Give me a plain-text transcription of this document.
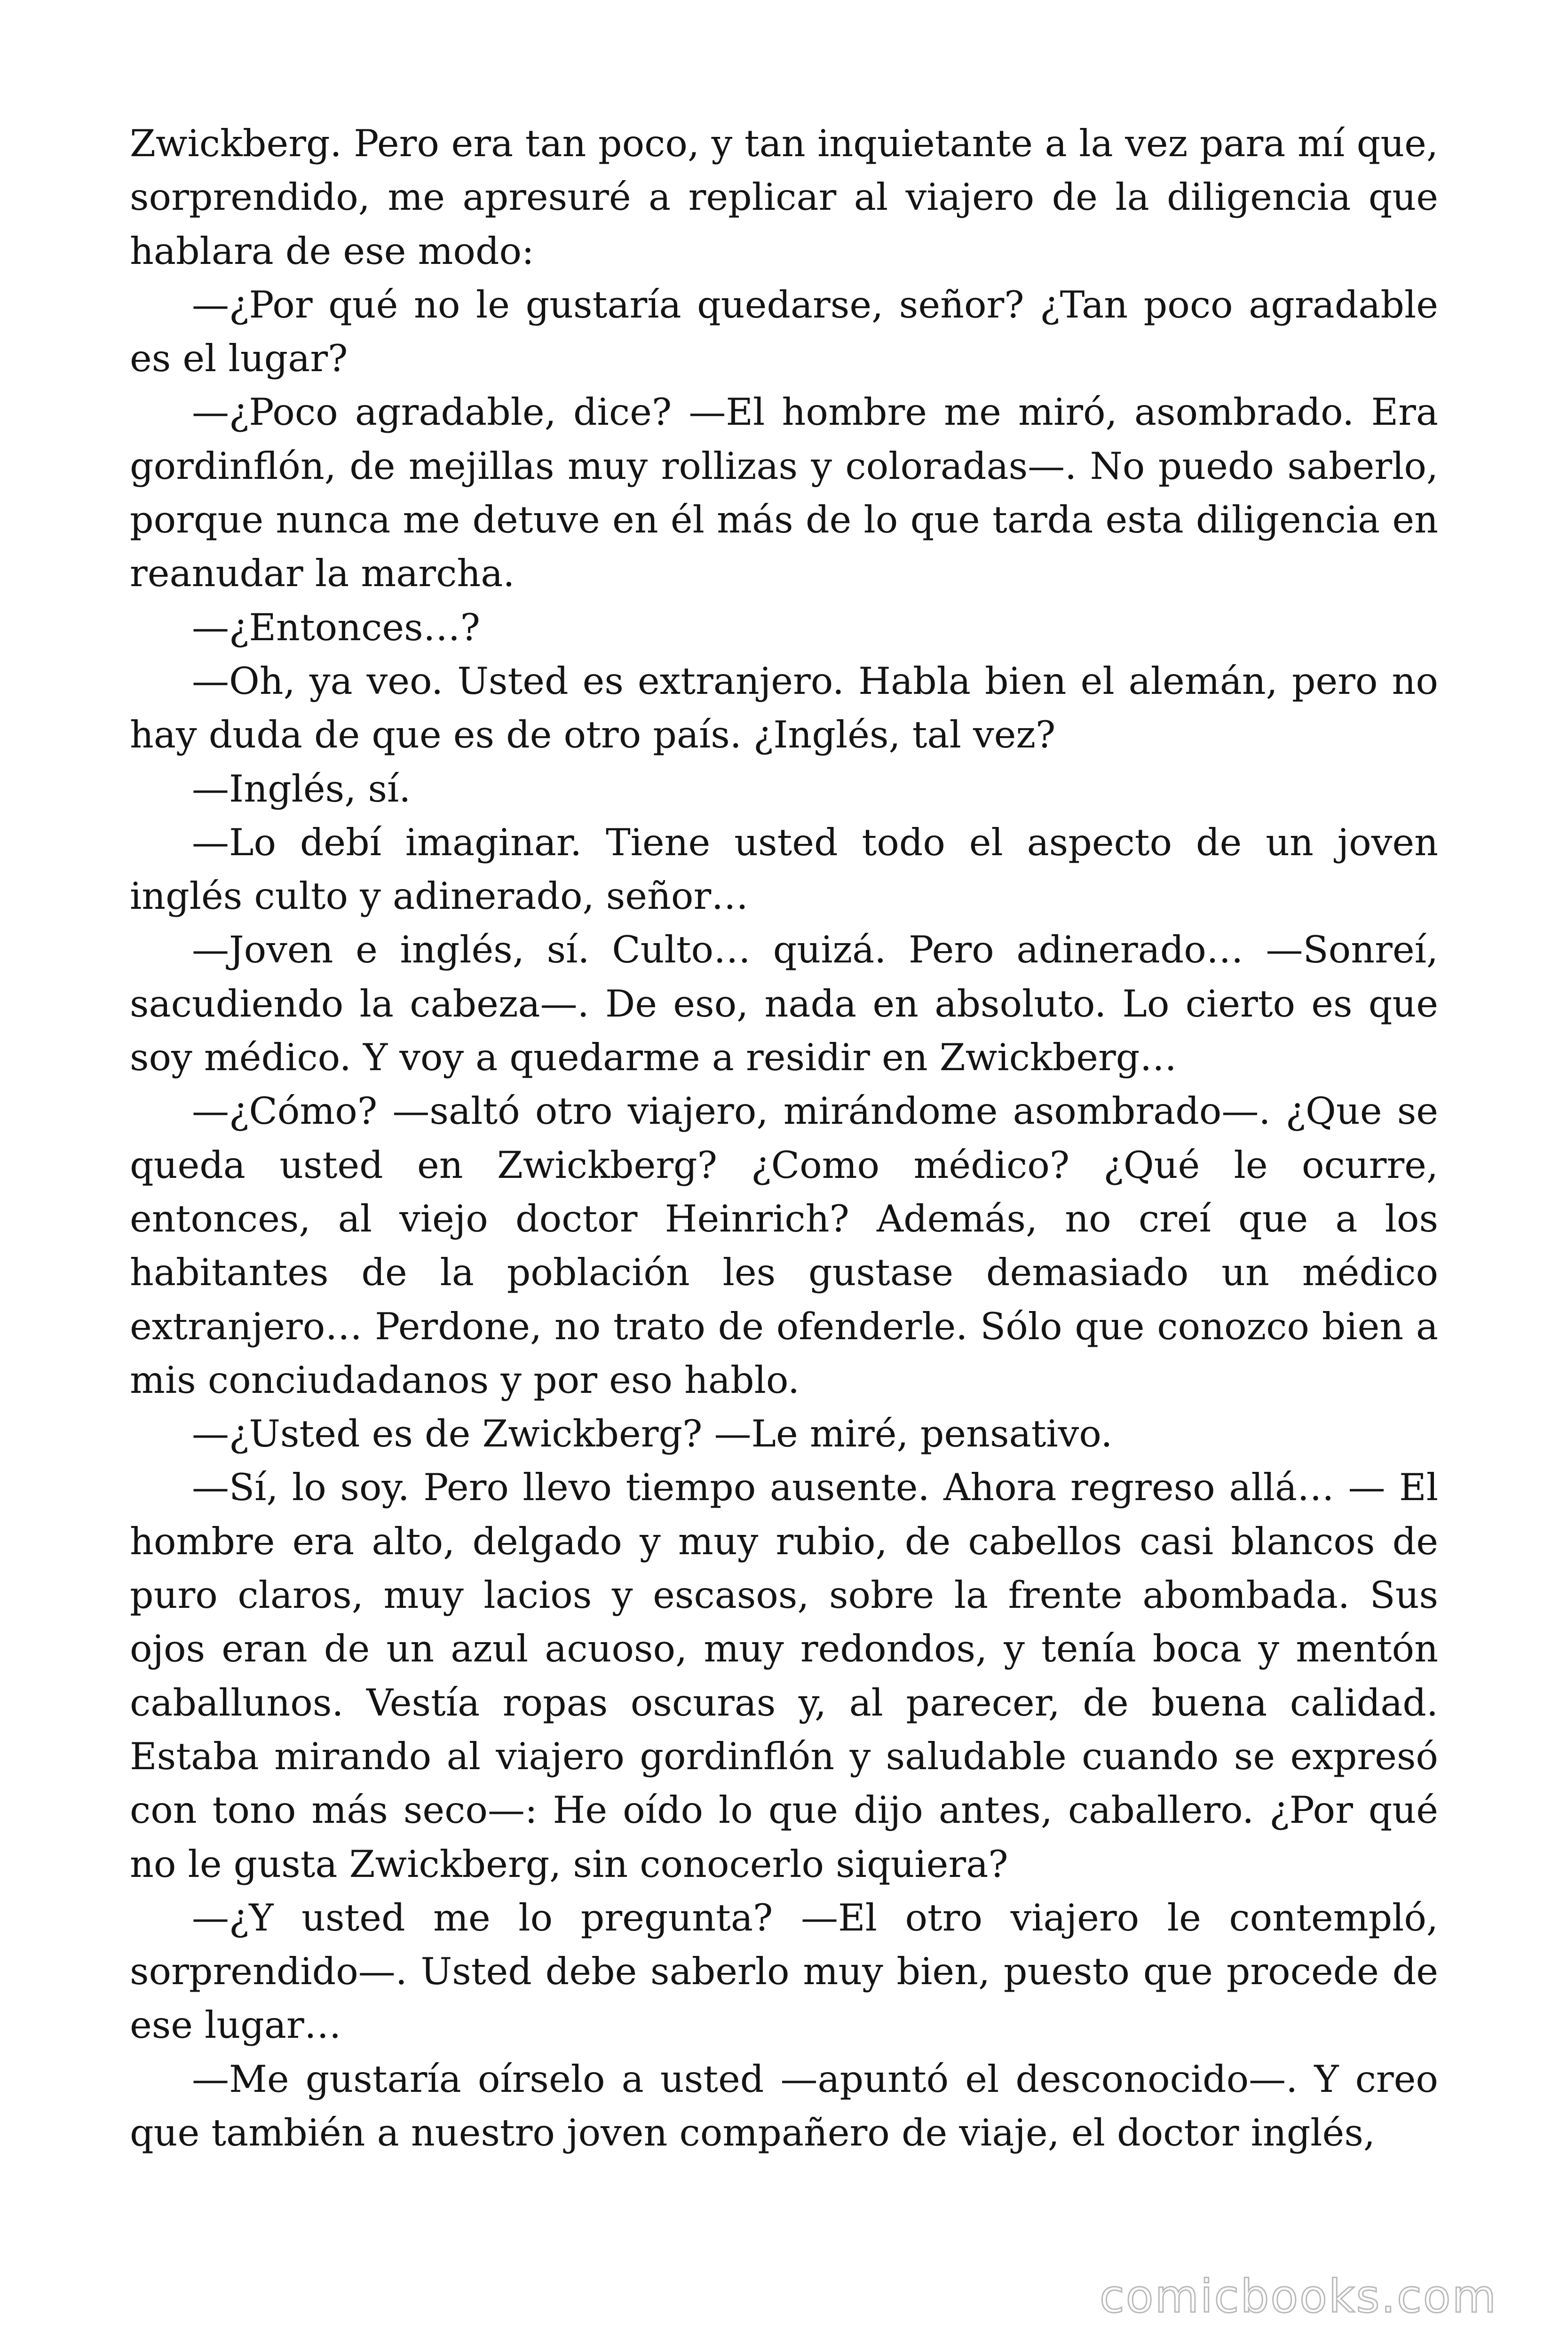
Zwickberg. Pero era tan poco, y tan inquietante a la vez para mí que, sorprendido, me apresuré a replicar al viajero de la diligencia que hablara de ese modo:

—¿Por qué no le gustaría quedarse, señor? ¿Tan poco agradable es el lugar?

—¿Poco agradable, dice? —El hombre me miró, asombrado. Era gordinflón, de mejillas muy rollizas y coloradas—. No puedo saberlo, porque nunca me detuve en él más de lo que tarda esta diligencia en reanudar la marcha.

—¿Entonces…?

—Oh, ya veo. Usted es extranjero. Habla bien el alemán, pero no hay duda de que es de otro país. ¿Inglés, tal vez?

—Inglés, sí.

—Lo debí imaginar. Tiene usted todo el aspecto de un joven inglés culto y adinerado, señor…

—Joven e inglés, sí. Culto… quizá. Pero adinerado… —Sonreí, sacudiendo la cabeza—. De eso, nada en absoluto. Lo cierto es que soy médico. Y voy a quedarme a residir en Zwickberg…

—¿Cómo? —saltó otro viajero, mirándome asombrado—. ¿Que se queda usted en Zwickberg? ¿Como médico? ¿Qué le ocurre, entonces, al viejo doctor Heinrich? Además, no creí que a los habitantes de la población les gustase demasiado un médico extranjero… Perdone, no trato de ofenderle. Sólo que conozco bien a mis conciudadanos y por eso hablo.

—¿Usted es de Zwickberg? —Le miré, pensativo.

—Sí, lo soy. Pero llevo tiempo ausente. Ahora regreso allá… — El hombre era alto, delgado y muy rubio, de cabellos casi blancos de puro claros, muy lacios y escasos, sobre la frente abombada. Sus ojos eran de un azul acuoso, muy redondos, y tenía boca y mentón caballunos. Vestía ropas oscuras y, al parecer, de buena calidad. Estaba mirando al viajero gordinflón y saludable cuando se expresó con tono más seco—: He oído lo que dijo antes, caballero. ¿Por qué no le gusta Zwickberg, sin conocerlo siquiera?

—¿Y usted me lo pregunta? —El otro viajero le contempló, sorprendido—. Usted debe saberlo muy bien, puesto que procede de ese lugar…

—Me gustaría oírselo a usted —apuntó el desconocido—. Y creo que también a nuestro joven compañero de viaje, el doctor inglés,

comicbooks.com
